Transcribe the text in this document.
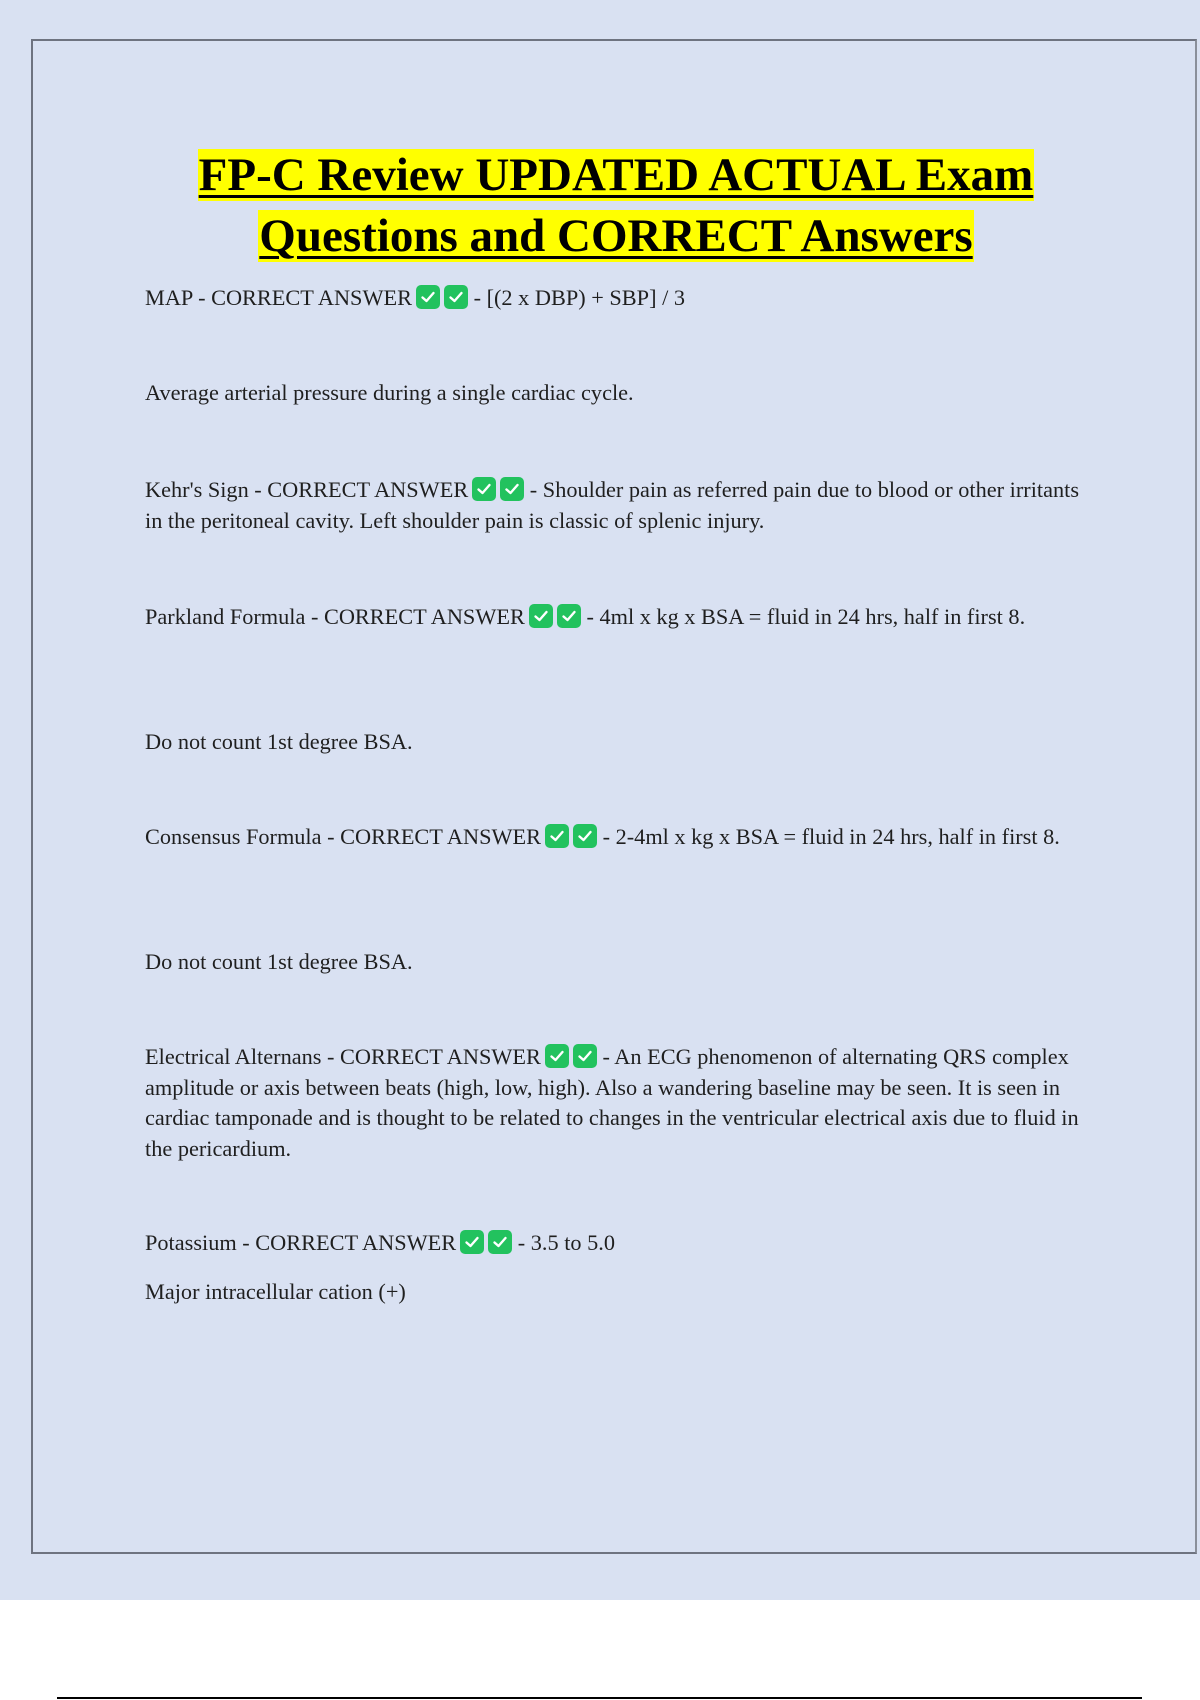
FP-C Review UPDATED ACTUAL Exam
Questions and CORRECT Answers

MAP - CORRECT ANSWER	- [(2 x DBP) + SBP] / 3

Average arterial pressure during a single cardiac cycle.

Kehr's Sign - CORRECT ANSWER	- Shoulder pain as referred pain due to blood or other irritants in the peritoneal cavity. Left shoulder pain is classic of splenic injury.

Parkland Formula - CORRECT ANSWER	- 4ml x kg x BSA = fluid in 24 hrs, half in first 8.

Do not count 1st degree BSA.

Consensus Formula - CORRECT ANSWER	- 2-4ml x kg x BSA = fluid in 24 hrs, half in first 8.

Do not count 1st degree BSA.

Electrical Alternans - CORRECT ANSWER	- An ECG phenomenon of alternating QRS complex amplitude or axis between beats (high, low, high). Also a wandering baseline may be seen. It is seen in cardiac tamponade and is thought to be related to changes in the ventricular electrical axis due to fluid in the pericardium.

Potassium - CORRECT ANSWER	- 3.5 to 5.0

Major intracellular cation (+)
